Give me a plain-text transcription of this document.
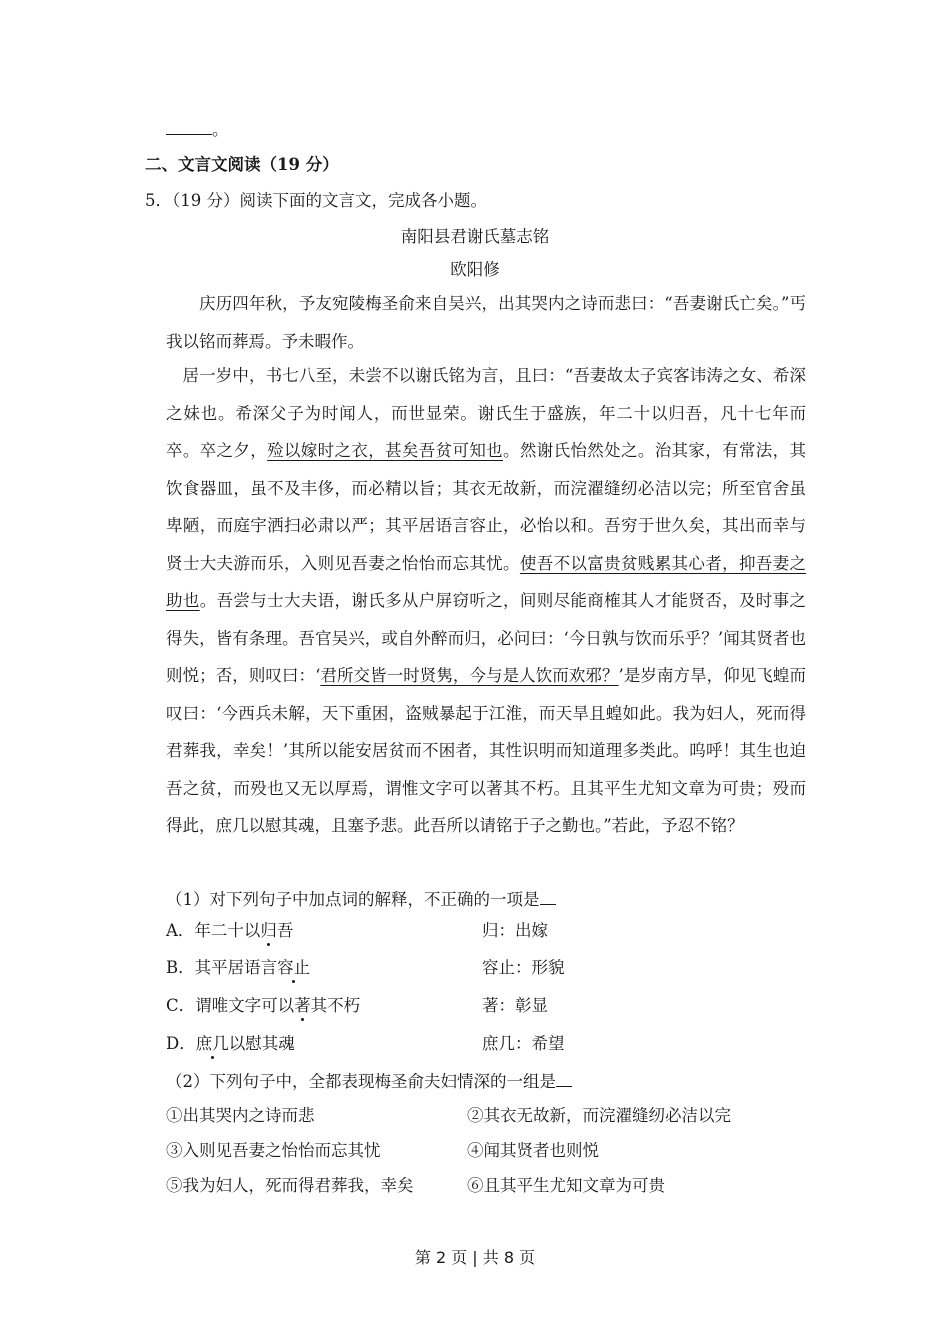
。
二、文言文阅读（19 分）
5．（19 分）阅读下面的文言文，完成各小题。
南阳县君谢氏墓志铭
欧阳修
庆历四年秋，予友宛陵梅圣俞来自吴兴，出其哭内之诗而悲曰：“吾妻谢氏亡矣。”丐我以铭而葬焉。予未暇作。
居一岁中，书七八至，未尝不以谢氏铭为言，且曰：“吾妻故太子宾客讳涛之女、希深之妹也。希深父子为时闻人，而世显荣。谢氏生于盛族，年二十以归吾，凡十七年而卒。卒之夕，殓以嫁时之衣，甚矣吾贫可知也。然谢氏怡然处之。治其家，有常法，其饮食器皿，虽不及丰侈，而必精以旨；其衣无故新，而浣濯缝纫必洁以完；所至官舍虽卑陋，而庭宇洒扫必肃以严；其平居语言容止，必怡以和。吾穷于世久矣，其出而幸与贤士大夫游而乐，入则见吾妻之怡怡而忘其忧。使吾不以富贵贫贱累其心者，抑吾妻之助也。吾尝与士大夫语，谢氏多从户屏窃听之，间则尽能商榷其人才能贤否，及时事之得失，皆有条理。吾官吴兴，或自外醉而归，必问曰：‘今日孰与饮而乐乎？’闻其贤者也则悦；否，则叹曰：‘君所交皆一时贤隽，今与是人饮而欢邪？’是岁南方旱，仰见飞蝗而叹曰：‘今西兵未解，天下重困，盗贼暴起于江淮，而天旱且蝗如此。我为妇人，死而得君葬我，幸矣！’其所以能安居贫而不困者，其性识明而知道理多类此。呜呼！其生也迫吾之贫，而殁也又无以厚焉，谓惟文字可以著其不朽。且其平生尤知文章为可贵；殁而得此，庶几以慰其魂，且塞予悲。此吾所以请铭于子之勤也。”若此，予忍不铭？
（1）对下列句子中加点词的解释，不正确的一项是
A．年二十以归吾	归：出嫁
B．其平居语言容止	容止：形貌
C．谓唯文字可以著其不朽	著：彰显
D．庶几以慰其魂	庶几：希望
（2）下列句子中，全都表现梅圣俞夫妇情深的一组是
①出其哭内之诗而悲	②其衣无故新，而浣濯缝纫必洁以完
③入则见吾妻之怡怡而忘其忧	④闻其贤者也则悦
⑤我为妇人，死而得君葬我，幸矣	⑥且其平生尤知文章为可贵
第 2 页 | 共 8 页
